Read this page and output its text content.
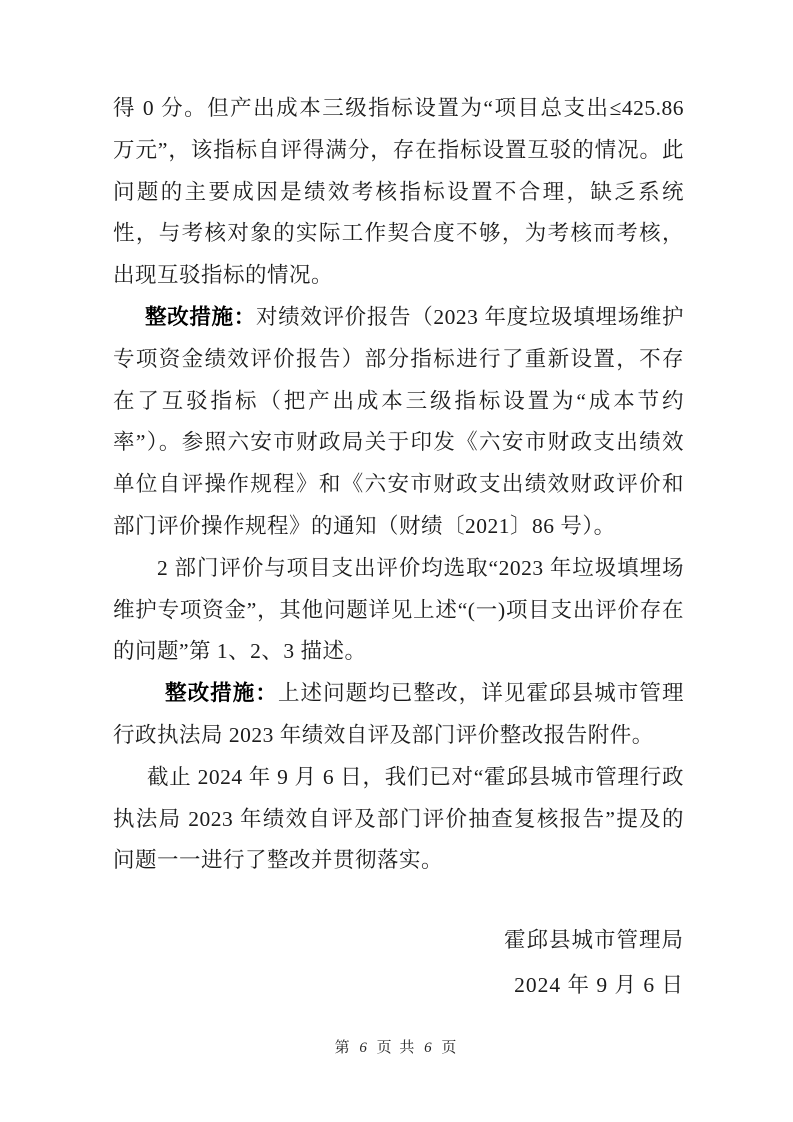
得 0 分。但产出成本三级指标设置为“项目总支出≤425.86 万元”，该指标自评得满分，存在指标设置互驳的情况。此问题的主要成因是绩效考核指标设置不合理，缺乏系统性，与考核对象的实际工作契合度不够，为考核而考核，出现互驳指标的情况。

整改措施：对绩效评价报告（2023 年度垃圾填埋场维护专项资金绩效评价报告）部分指标进行了重新设置，不存在了互驳指标（把产出成本三级指标设置为“成本节约率”）。参照六安市财政局关于印发《六安市财政支出绩效单位自评操作规程》和《六安市财政支出绩效财政评价和部门评价操作规程》的通知（财绩〔2021〕86 号）。

2 部门评价与项目支出评价均选取“2023 年垃圾填埋场维护专项资金”，其他问题详见上述“(一)项目支出评价存在的问题”第 1、2、3 描述。

整改措施：上述问题均已整改，详见霍邱县城市管理行政执法局 2023 年绩效自评及部门评价整改报告附件。

截止 2024 年 9 月 6 日，我们已对“霍邱县城市管理行政执法局 2023 年绩效自评及部门评价抽查复核报告”提及的问题一一进行了整改并贯彻落实。

霍邱县城市管理局
2024 年 9 月 6 日
第 6 页 共 6 页
